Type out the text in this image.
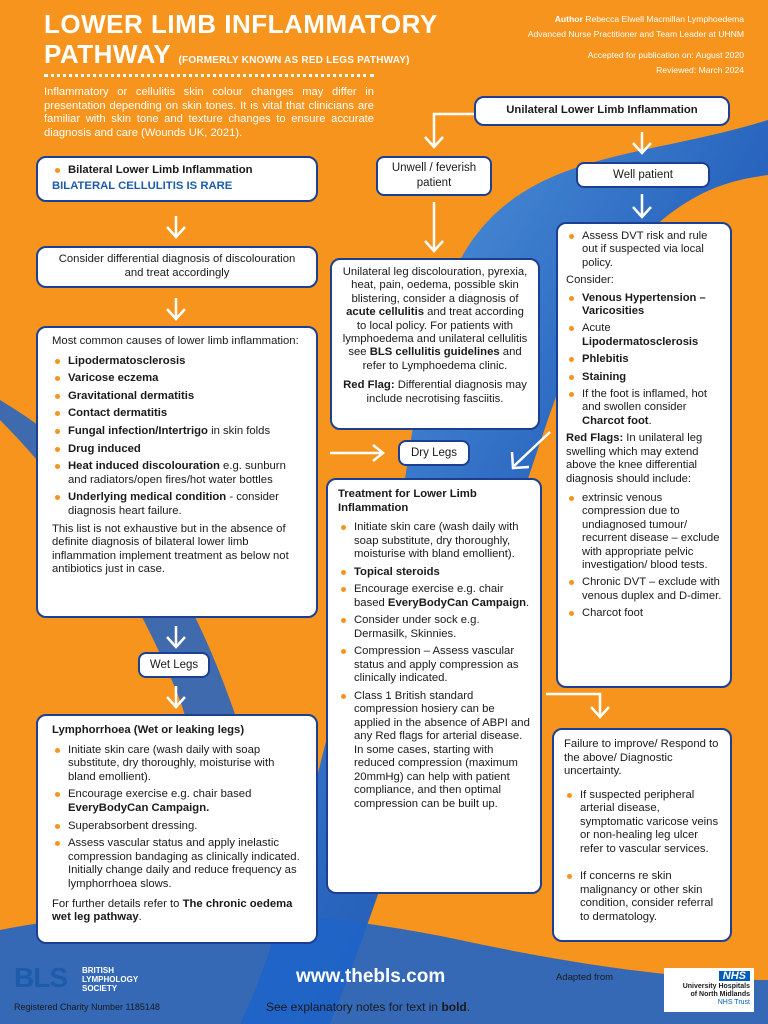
LOWER LIMB INFLAMMATORY
PATHWAY (FORMERLY KNOWN AS RED LEGS PATHWAY)
Inflammatory or cellulitis skin colour changes may differ in presentation depending on skin tones. It is vital that clinicians are familiar with skin tone and texture changes to ensure accurate diagnosis and care (Wounds UK, 2021).
Author Rebecca Elwell Macmillan Lymphoedema
Advanced Nurse Practitioner and Team Leader at UHNM
Accepted for publication on: August 2020
Reviewed: March 2024
Bilateral Lower Limb Inflammation
BILATERAL CELLULITIS IS RARE
Consider differential diagnosis of discolouration and treat accordingly
Most common causes of lower limb inflammation:
Lipodermatosclerosis
Varicose eczema
Gravitational dermatitis
Contact dermatitis
Fungal infection/Intertrigo in skin folds
Drug induced
Heat induced discolouration e.g. sunburn and radiators/open fires/hot water bottles
Underlying medical condition - consider diagnosis heart failure.
This list is not exhaustive but in the absence of definite diagnosis of bilateral lower limb inflammation implement treatment as below not antibiotics just in case.
Wet Legs
Lymphorrhoea (Wet or leaking legs)
Initiate skin care (wash daily with soap substitute, dry thoroughly, moisturise with bland emollient).
Encourage exercise e.g. chair based EveryBodyCan Campaign.
Superabsorbent dressing.
Assess vascular status and apply inelastic compression bandaging as clinically indicated. Initially change daily and reduce frequency as lymphorrhoea slows.
For further details refer to The chronic oedema wet leg pathway.
Unilateral Lower Limb Inflammation
Unwell / feverish patient
Well patient
Unilateral leg discolouration, pyrexia, heat, pain, oedema, possible skin blistering, consider a diagnosis of acute cellulitis and treat according to local policy. For patients with lymphoedema and unilateral cellulitis see BLS cellulitis guidelines and refer to Lymphoedema clinic.
Red Flag: Differential diagnosis may include necrotising fasciitis.
Dry Legs
Treatment for Lower Limb Inflammation
Initiate skin care (wash daily with soap substitute, dry thoroughly, moisturise with bland emollient).
Topical steroids
Encourage exercise e.g. chair based EveryBodyCan Campaign.
Consider under sock e.g. Dermasilk, Skinnies.
Compression – Assess vascular status and apply compression as clinically indicated.
Class 1 British standard compression hosiery can be applied in the absence of ABPI and any Red flags for arterial disease.
In some cases, starting with reduced compression (maximum 20mmHg) can help with patient compliance, and then optimal compression can be built up.
Assess DVT risk and rule out if suspected via local policy.
Consider:
Venous Hypertension – Varicosities
Acute Lipodermatosclerosis
Phlebitis
Staining
If the foot is inflamed, hot and swollen consider Charcot foot.
Red Flags: In unilateral leg swelling which may extend above the knee differential diagnosis should include:
extrinsic venous compression due to undiagnosed tumour/ recurrent disease – exclude with appropriate pelvic investigation/ blood tests.
Chronic DVT – exclude with venous duplex and D-dimer.
Charcot foot
Failure to improve/ Respond to the above/ Diagnostic uncertainty.
If suspected peripheral arterial disease, symptomatic varicose veins or non-healing leg ulcer refer to vascular services.
If concerns re skin malignancy or other skin condition, consider referral to dermatology.
BLS BRITISH
LYMPHOLOGY
SOCIETY
Registered Charity Number 1185148
www.thebls.com
See explanatory notes for text in bold.
Adapted from	NHS
University Hospitals
of North Midlands
NHS Trust
